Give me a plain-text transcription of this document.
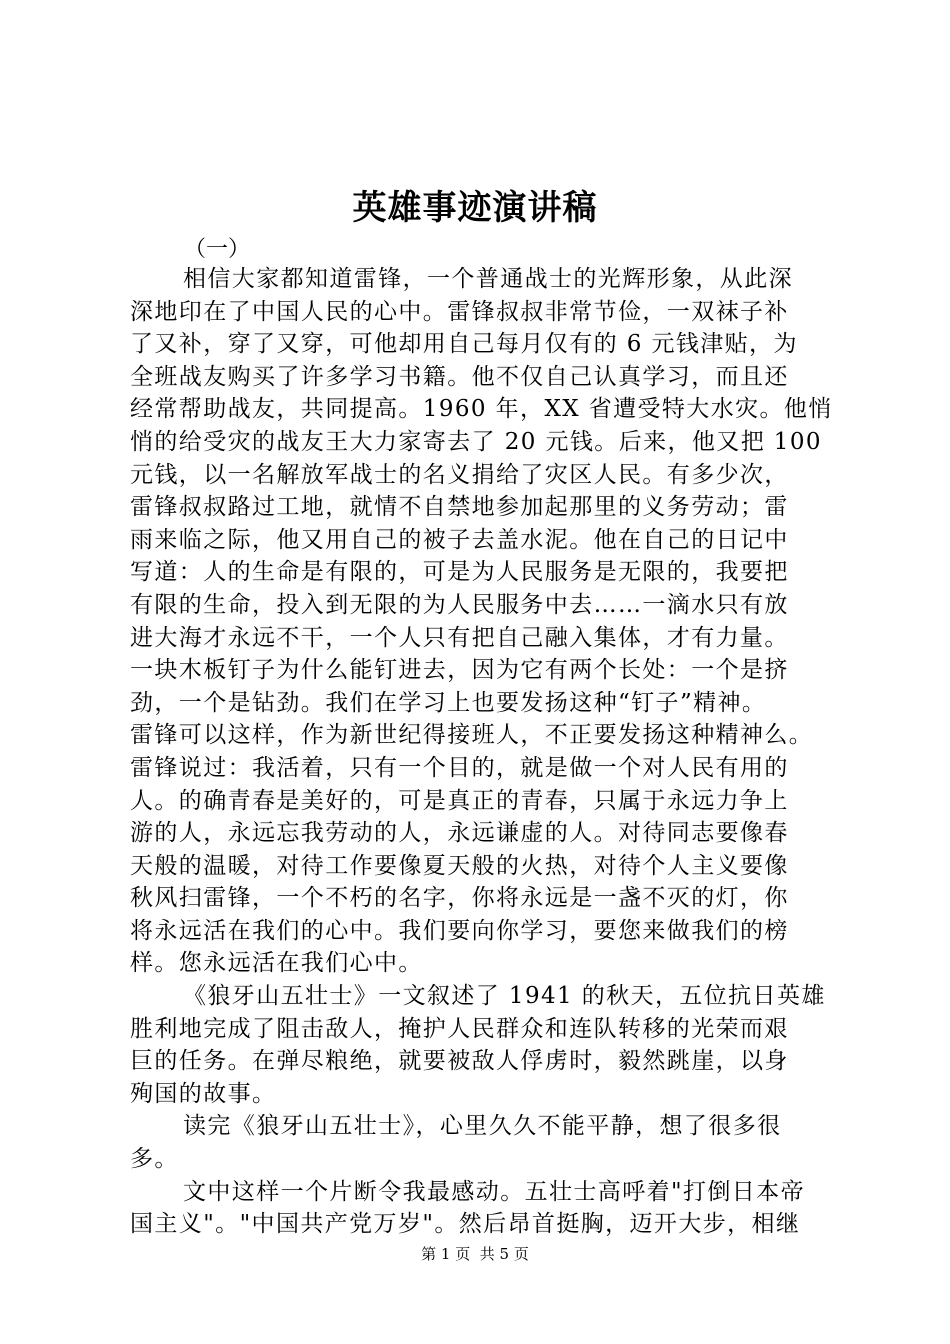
英雄事迹演讲稿
（一）
相信大家都知道雷锋，一个普通战士的光辉形象，从此深
深地印在了中国人民的心中。雷锋叔叔非常节俭，一双袜子补
了又补，穿了又穿，可他却用自己每月仅有的 6 元钱津贴，为
全班战友购买了许多学习书籍。他不仅自己认真学习，而且还
经常帮助战友，共同提高。1960 年，XX 省遭受特大水灾。他悄
悄的给受灾的战友王大力家寄去了 20 元钱。后来，他又把 100
元钱，以一名解放军战士的名义捐给了灾区人民。有多少次，
雷锋叔叔路过工地，就情不自禁地参加起那里的义务劳动；雷
雨来临之际，他又用自己的被子去盖水泥。他在自己的日记中
写道：人的生命是有限的，可是为人民服务是无限的，我要把
有限的生命，投入到无限的为人民服务中去……一滴水只有放
进大海才永远不干，一个人只有把自己融入集体，才有力量。
一块木板钉子为什么能钉进去，因为它有两个长处：一个是挤
劲，一个是钻劲。我们在学习上也要发扬这种“钉子”精神。
雷锋可以这样，作为新世纪得接班人，不正要发扬这种精神么。
雷锋说过：我活着，只有一个目的，就是做一个对人民有用的
人。的确青春是美好的，可是真正的青春，只属于永远力争上
游的人，永远忘我劳动的人，永远谦虚的人。对待同志要像春
天般的温暖，对待工作要像夏天般的火热，对待个人主义要像
秋风扫雷锋，一个不朽的名字，你将永远是一盏不灭的灯，你
将永远活在我们的心中。我们要向你学习，要您来做我们的榜
样。您永远活在我们心中。
《狼牙山五壮士》一文叙述了 1941 的秋天，五位抗日英雄
胜利地完成了阻击敌人，掩护人民群众和连队转移的光荣而艰
巨的任务。在弹尽粮绝，就要被敌人俘虏时，毅然跳崖，以身
殉国的故事。
读完《狼牙山五壮士》，心里久久不能平静，想了很多很
多。
文中这样一个片断令我最感动。五壮士高呼着"打倒日本帝
国主义"。"中国共产党万岁"。然后昂首挺胸，迈开大步，相继
第 1 页  共 5 页
